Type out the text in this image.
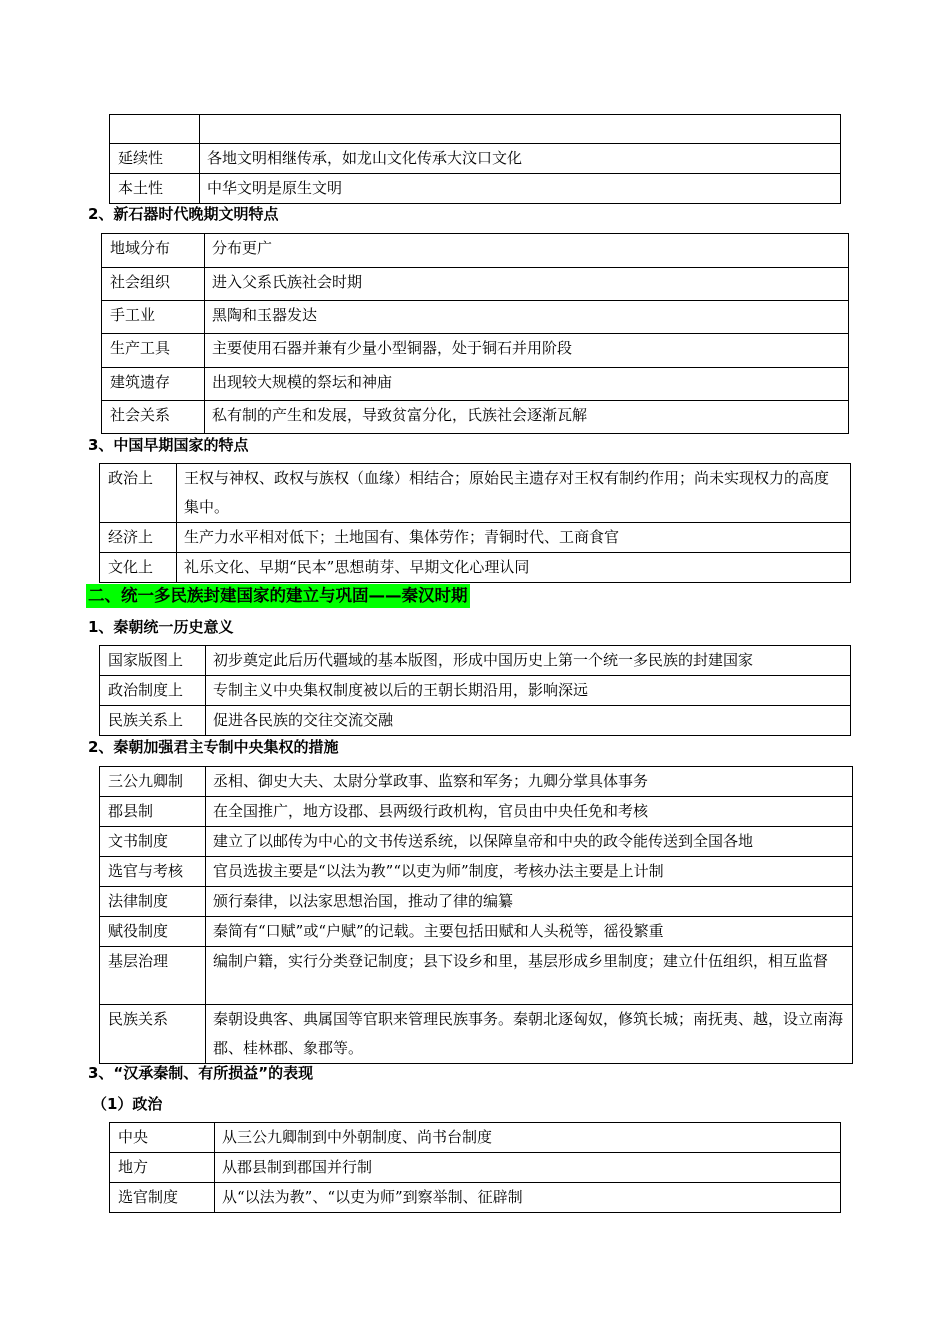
延续性	各地文明相继传承，如龙山文化传承大汶口文化
本土性	中华文明是原生文明
2、新石器时代晚期文明特点
地域分布	分布更广
社会组织	进入父系氏族社会时期
手工业	黑陶和玉器发达
生产工具	主要使用石器并兼有少量小型铜器，处于铜石并用阶段
建筑遗存	出现较大规模的祭坛和神庙
社会关系	私有制的产生和发展，导致贫富分化，氏族社会逐渐瓦解
3、中国早期国家的特点
政治上	王权与神权、政权与族权（血缘）相结合；原始民主遗存对王权有制约作用；尚未实现权力的高度集中。
经济上	生产力水平相对低下；土地国有、集体劳作；青铜时代、工商食官
文化上	礼乐文化、早期“民本”思想萌芽、早期文化心理认同
二、统一多民族封建国家的建立与巩固——秦汉时期
1、秦朝统一历史意义
国家版图上	初步奠定此后历代疆域的基本版图，形成中国历史上第一个统一多民族的封建国家
政治制度上	专制主义中央集权制度被以后的王朝长期沿用，影响深远
民族关系上	促进各民族的交往交流交融
2、秦朝加强君主专制中央集权的措施
三公九卿制	丞相、御史大夫、太尉分掌政事、监察和军务；九卿分掌具体事务
郡县制	在全国推广，地方设郡、县两级行政机构，官员由中央任免和考核
文书制度	建立了以邮传为中心的文书传送系统，以保障皇帝和中央的政令能传送到全国各地
选官与考核	官员选拔主要是“以法为教”“以吏为师”制度，考核办法主要是上计制
法律制度	颁行秦律，以法家思想治国，推动了律的编纂
赋役制度	秦简有“口赋”或“户赋”的记载。主要包括田赋和人头税等，徭役繁重
基层治理	编制户籍，实行分类登记制度；县下设乡和里，基层形成乡里制度；建立什伍组织，相互监督
民族关系	秦朝设典客、典属国等官职来管理民族事务。秦朝北逐匈奴，修筑长城；南抚夷、越，设立南海郡、桂林郡、象郡等。
3、“汉承秦制、有所损益”的表现
（1）政治
中央	从三公九卿制到中外朝制度、尚书台制度
地方	从郡县制到郡国并行制
选官制度	从“以法为教”、“以吏为师”到察举制、征辟制
